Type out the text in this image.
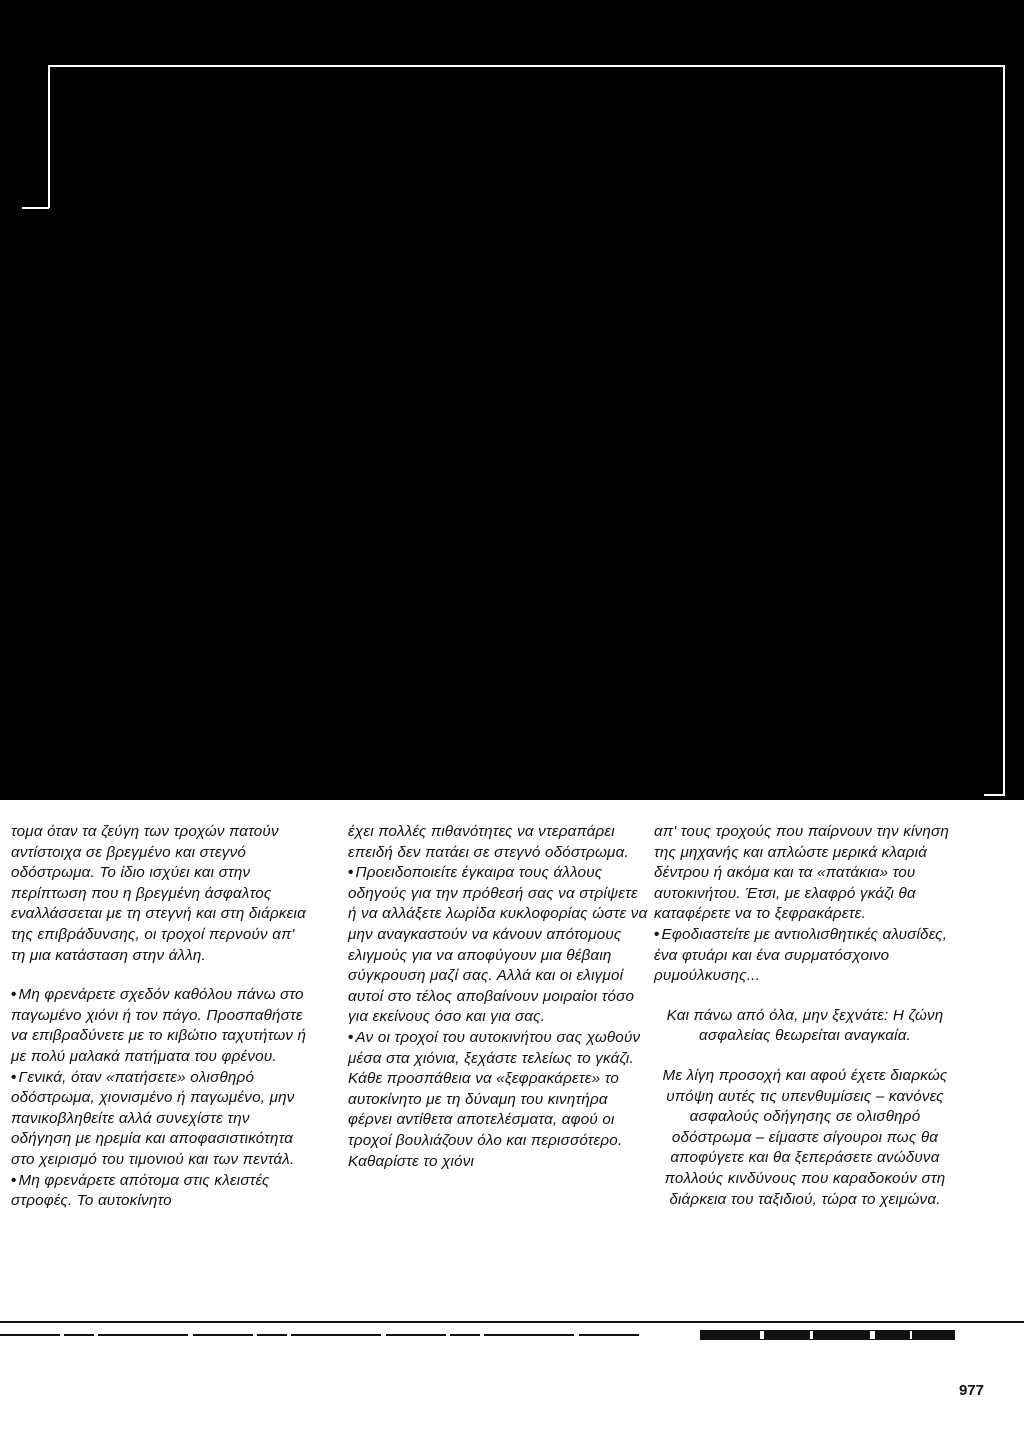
τομα όταν τα ζεύγη των τροχών πατούν αντίστοιχα σε βρεγμένο και στεγνό οδόστρωμα. Το ίδιο ισχύει και στην περίπτωση που η βρεγμένη άσφαλτος εναλλάσσεται με τη στεγνή και στη διάρκεια της επιβράδυνσης, οι τροχοί περνούν απ' τη μια κατάσταση στην άλλη.

• Μη φρενάρετε σχεδόν καθόλου πάνω στο παγωμένο χιόνι ή τον πάγο. Προσπαθήστε να επιβραδύνετε με το κιβώτιο ταχυτήτων ή με πολύ μαλακά πατήματα του φρένου.

• Γενικά, όταν «πατήσετε» ολισθηρό οδόστρωμα, χιονισμένο ή παγωμένο, μην πανικοβληθείτε αλλά συνεχίστε την οδήγηση με ηρεμία και αποφασιστικότητα στο χειρισμό του τιμονιού και των πεντάλ.

• Μη φρενάρετε απότομα στις κλειστές στροφές. Το αυτοκίνητο

έχει πολλές πιθανότητες να ντεραπάρει επειδή δεν πατάει σε στεγνό οδόστρωμα.

• Προειδοποιείτε έγκαιρα τους άλλους οδηγούς για την πρόθεσή σας να στρίψετε ή να αλλάξετε λωρίδα κυκλοφορίας ώστε να μην αναγκαστούν να κάνουν απότομους ελιγμούς για να αποφύγουν μια θέβαιη σύγκρουση μαζί σας. Αλλά και οι ελιγμοί αυτοί στο τέλος αποβαίνουν μοιραίοι τόσο για εκείνους όσο και για σας.

• Αν οι τροχοί του αυτοκινήτου σας χωθούν μέσα στα χιόνια, ξεχάστε τελείως το γκάζι. Κάθε προσπάθεια να «ξεφρακάρετε» το αυτοκίνητο με τη δύναμη του κινητήρα φέρνει αντίθετα αποτελέσματα, αφού οι τροχοί βουλιάζουν όλο και περισσότερο. Καθαρίστε το χιόνι

απ' τους τροχούς που παίρνουν την κίνηση της μηχανής και απλώστε μερικά κλαριά δέντρου ή ακόμα και τα «πατάκια» του αυτοκινήτου. Έτσι, με ελαφρό γκάζι θα καταφέρετε να το ξεφρακάρετε.

• Εφοδιαστείτε με αντιολισθητικές αλυσίδες, ένα φτυάρι και ένα συρματόσχοινο ρυμούλκυσης...

Και πάνω από όλα, μην ξεχνάτε: Η ζώνη ασφαλείας θεωρείται αναγκαία.

Με λίγη προσοχή και αφού έχετε διαρκώς υπόψη αυτές τις υπενθυμίσεις – κανόνες ασφαλούς οδήγησης σε ολισθηρό οδόστρωμα – είμαστε σίγουροι πως θα αποφύγετε και θα ξεπεράσετε ανώδυνα πολλούς κινδύνους που καραδοκούν στη διάρκεια του ταξιδιού, τώρα το χειμώνα.

977
